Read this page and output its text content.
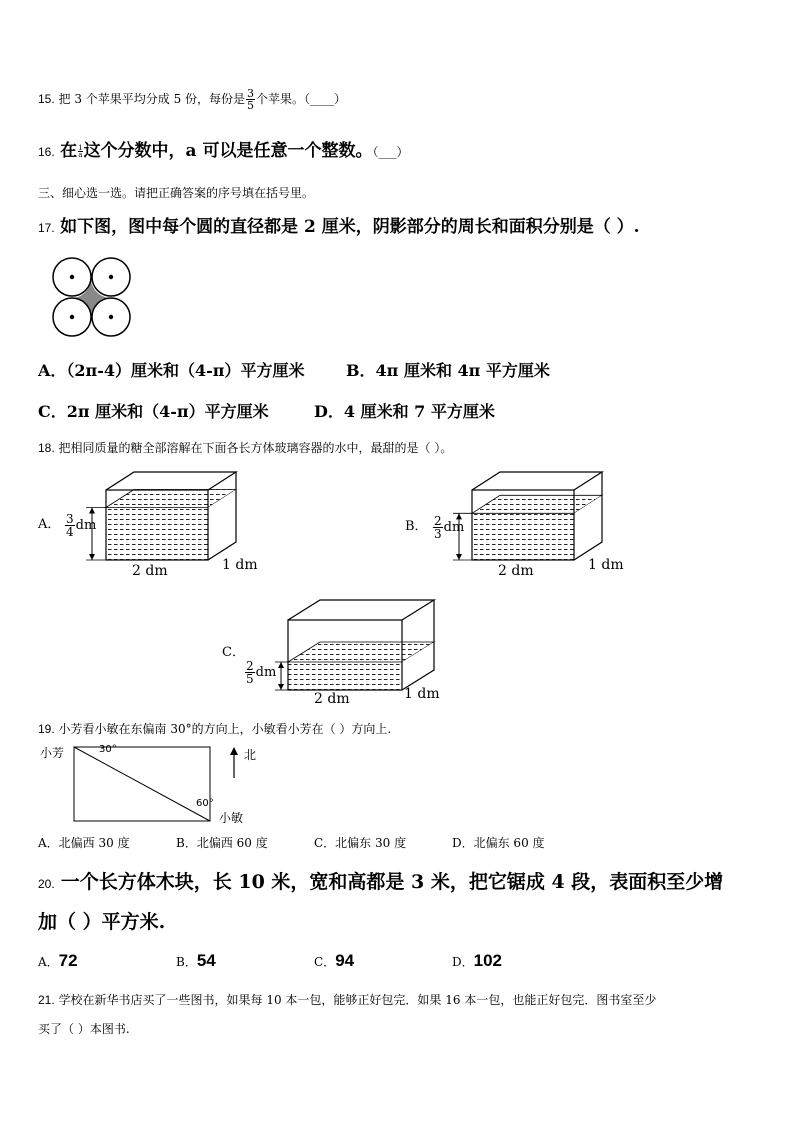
15. 把 3 个苹果平均分成 5 份，每份是 $\frac{3}{5}$ 个苹果。（____）
16. 在 $\frac{1}{a}$ 这个分数中，a 可以是任意一个整数。（___）
三、细心选一选。请把正确答案的序号填在括号里。
17. 如下图，图中每个圆的直径都是 2 厘米，阴影部分的周长和面积分别是（ ）.
A．（2π-4）厘米和（4-π）平方厘米	B．4π 厘米和 4π 平方厘米
C．2π 厘米和（4-π）平方厘米	D．4 厘米和 7 平方厘米
18. 把相同质量的糖全部溶解在下面各长方体玻璃容器的水中，最甜的是（ ）。
A． $\frac{3}{4}$ dm
2 dm	1 dm
B． $\frac{2}{3}$ dm
2 dm	1 dm
C．
$\frac{2}{5}$ dm
2 dm	1 dm
19. 小芳看小敏在东偏南 30°的方向上，小敏看小芳在（ ）方向上.
小芳	30°
60°
北
小敏
A．北偏西 30 度	B．北偏西 60 度	C．北偏东 30 度	D．北偏东 60 度
20. 一个长方体木块，长 10 米，宽和高都是 3 米，把它锯成 4 段，表面积至少增
加（ ）平方米.
A．72	B．54	C．94	D．102
21. 学校在新华书店买了一些图书，如果每 10 本一包，能够正好包完．如果 16 本一包，也能正好包完．图书室至少
买了（ ）本图书.
